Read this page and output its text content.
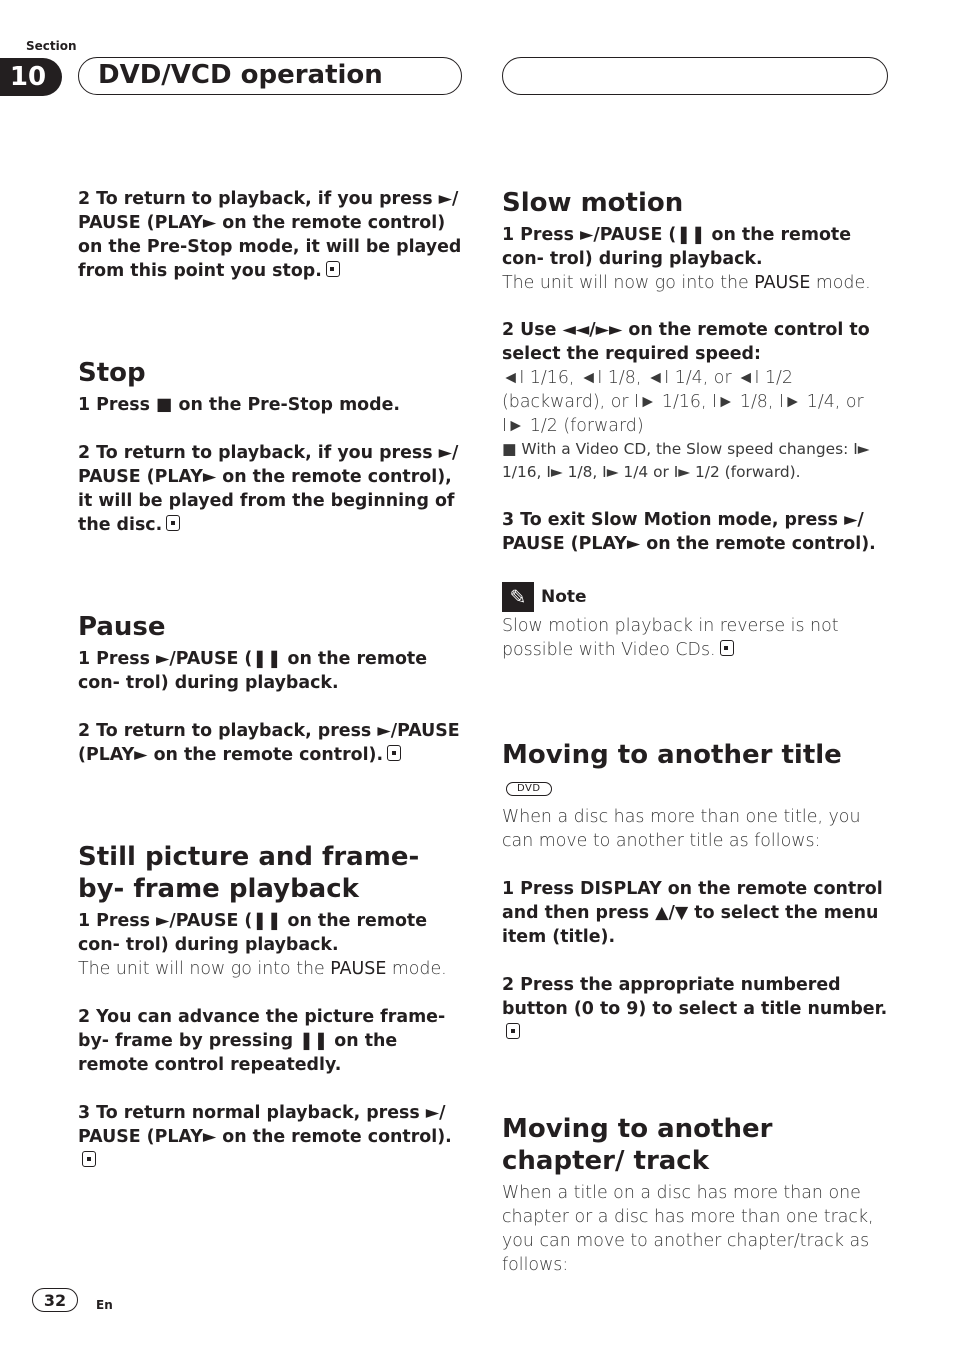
Section
10	DVD/VCD operation

2 To return to playback, if you press ►/ PAUSE (PLAY► on the remote control) on the Pre-Stop mode, it will be played from this point you stop.

Stop

1 Press ■ on the Pre-Stop mode.

2 To return to playback, if you press ►/ PAUSE (PLAY► on the remote control), it will be played from the beginning of the disc.

Pause

1 Press ►/PAUSE (❚❚ on the remote con- trol) during playback.

2 To return to playback, press ►/PAUSE (PLAY► on the remote control).

Still picture and frame-by- frame playback

1 Press ►/PAUSE (❚❚ on the remote con- trol) during playback.

The unit will now go into the PAUSE mode.

2 You can advance the picture frame-by- frame by pressing ❚❚ on the remote control repeatedly.

3 To return normal playback, press ►/ PAUSE (PLAY► on the remote control).

Slow motion

1 Press ►/PAUSE (❚❚ on the remote con- trol) during playback.

The unit will now go into the PAUSE mode.

2 Use ◄◄/►► on the remote control to select the required speed:

◄I 1/16, ◄I 1/8, ◄I 1/4, or ◄I 1/2 (backward), or I► 1/16, I► 1/8, I► 1/4, or I► 1/2 (forward)

■ With a Video CD, the Slow speed changes: I► 1/16, I► 1/8, I► 1/4 or I► 1/2 (forward).

3 To exit Slow Motion mode, press ►/ PAUSE (PLAY► on the remote control).

✎ Note

Slow motion playback in reverse is not possible with Video CDs.

Moving to another titleDVD

When a disc has more than one title, you can move to another title as follows:

1 Press DISPLAY on the remote control and then press ▲/▼ to select the menu item (title).

2 Press the appropriate numbered button (0 to 9) to select a title number.

Moving to another chapter/ track

When a title on a disc has more than one chapter or a disc has more than one track, you can move to another chapter/track as follows:

32	En
